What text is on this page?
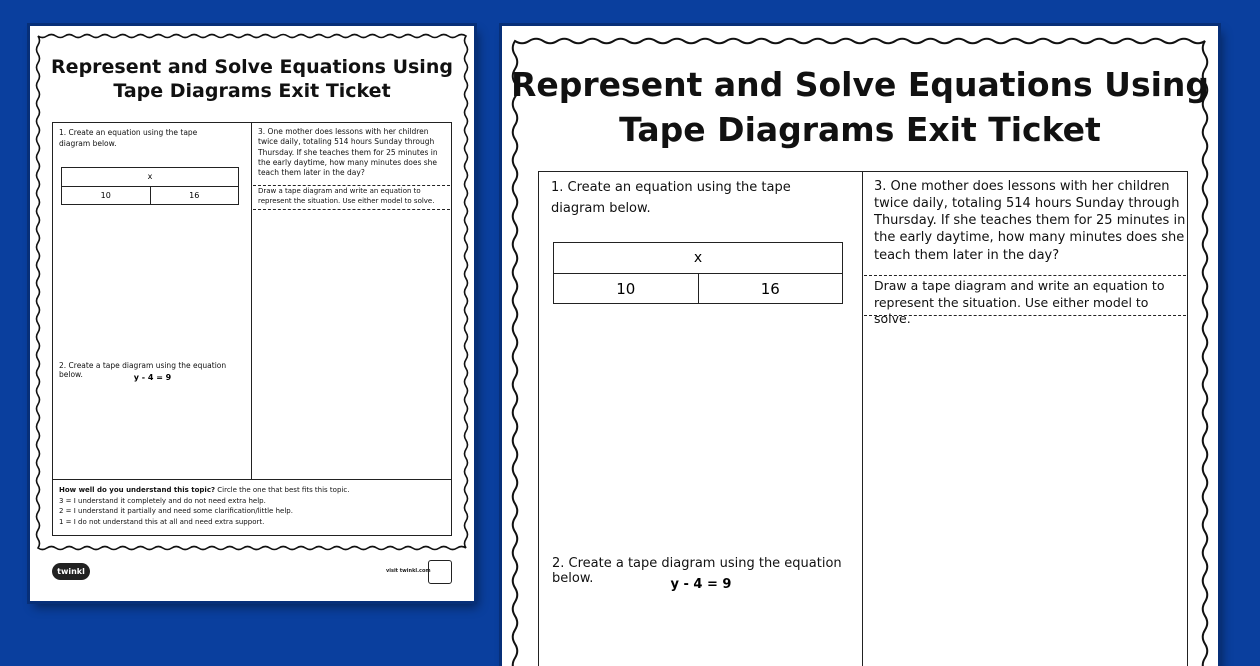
Represent and Solve Equations Using
Tape Diagrams Exit Ticket
1. Create an equation using the tape
diagram below.
x
10	16
2. Create a tape diagram using the equation below.	y - 4 = 9
3. One mother does lessons with her children
twice daily, totaling 514 hours Sunday through
Thursday. If she teaches them for 25 minutes in
the early daytime, how many minutes does she
teach them later in the day?
Draw a tape diagram and write an equation to
represent the situation. Use either model to solve.
How well do you understand this topic? Circle the one that best fits this topic.
3 = I understand it completely and do not need extra help.
2 = I understand it partially and need some clarification/little help.
1 = I do not understand this at all and need extra support.
twinkl	visit twinkl.com
Represent and Solve Equations Using
Tape Diagrams Exit Ticket
1. Create an equation using the tape
diagram below.
x
10	16
2. Create a tape diagram using the equation below.	y - 4 = 9
3. One mother does lessons with her children
twice daily, totaling 514 hours Sunday through
Thursday. If she teaches them for 25 minutes in
the early daytime, how many minutes does she
teach them later in the day?
Draw a tape diagram and write an equation to
represent the situation. Use either model to solve.
